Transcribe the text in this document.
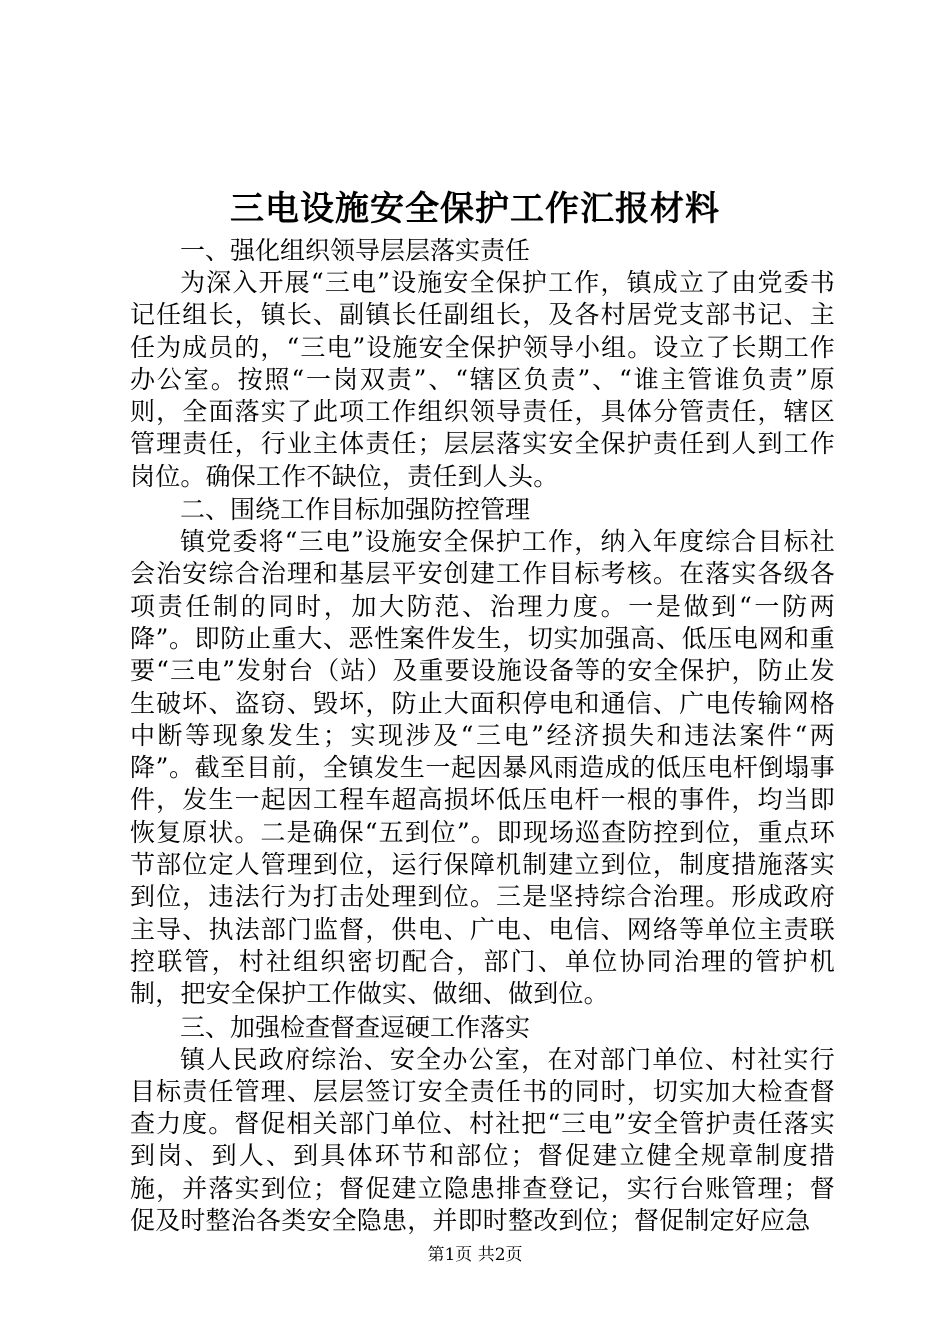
三电设施安全保护工作汇报材料
一、强化组织领导层层落实责任

为深入开展“三电”设施安全保护工作，镇成立了由党委书记任组长，镇长、副镇长任副组长，及各村居党支部书记、主任为成员的，“三电”设施安全保护领导小组。设立了长期工作办公室。按照“一岗双责”、“辖区负责”、“谁主管谁负责”原则，全面落实了此项工作组织领导责任，具体分管责任，辖区管理责任，行业主体责任；层层落实安全保护责任到人到工作岗位。确保工作不缺位，责任到人头。

二、围绕工作目标加强防控管理

镇党委将“三电”设施安全保护工作，纳入年度综合目标社会治安综合治理和基层平安创建工作目标考核。在落实各级各项责任制的同时，加大防范、治理力度。一是做到“一防两降”。即防止重大、恶性案件发生，切实加强高、低压电网和重要“三电”发射台（站）及重要设施设备等的安全保护，防止发生破坏、盗窃、毁坏，防止大面积停电和通信、广电传输网格中断等现象发生；实现涉及“三电”经济损失和违法案件“两降”。截至目前，全镇发生一起因暴风雨造成的低压电杆倒塌事件，发生一起因工程车超高损坏低压电杆一根的事件，均当即恢复原状。二是确保“五到位”。即现场巡查防控到位，重点环节部位定人管理到位，运行保障机制建立到位，制度措施落实到位，违法行为打击处理到位。三是坚持综合治理。形成政府主导、执法部门监督，供电、广电、电信、网络等单位主责联控联管，村社组织密切配合，部门、单位协同治理的管护机制，把安全保护工作做实、做细、做到位。

三、加强检查督查逗硬工作落实

镇人民政府综治、安全办公室，在对部门单位、村社实行目标责任管理、层层签订安全责任书的同时，切实加大检查督查力度。督促相关部门单位、村社把“三电”安全管护责任落实到岗、到人、到具体环节和部位；督促建立健全规章制度措施，并落实到位；督促建立隐患排查登记，实行台账管理；督促及时整治各类安全隐患，并即时整改到位；督促制定好应急

第1页 共2页
